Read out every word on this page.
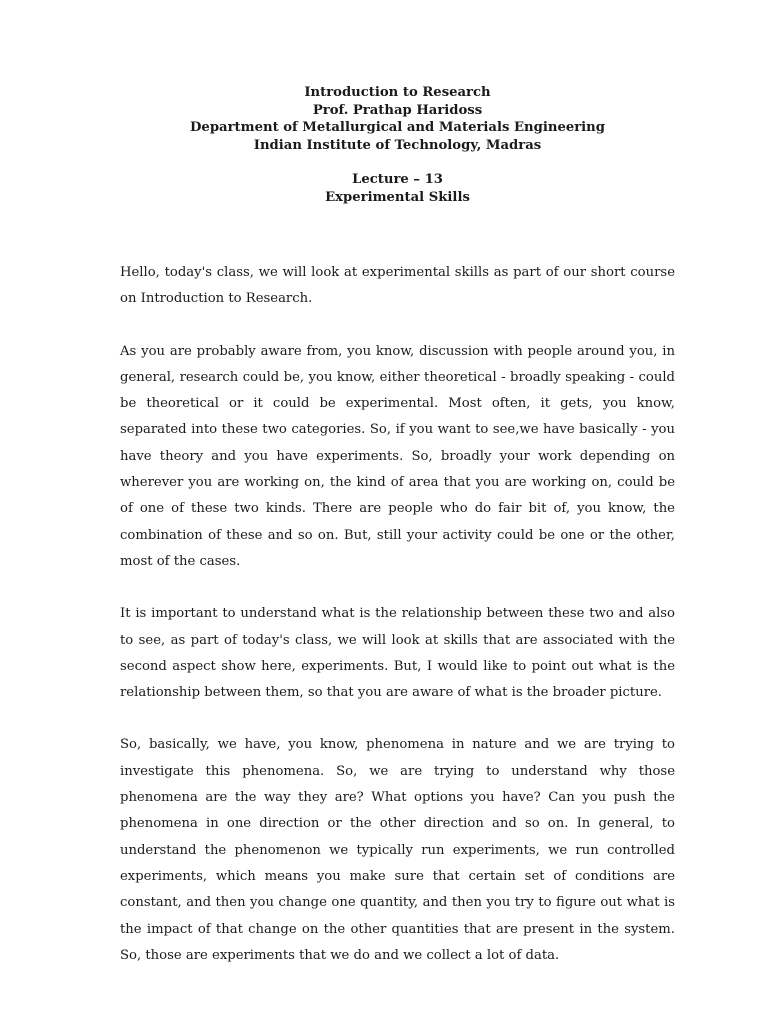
Introduction to Research

Prof. Prathap Haridoss

Department of Metallurgical and Materials Engineering

Indian Institute of Technology, Madras

Lecture – 13

Experimental Skills

Hello, today's class, we will look at experimental skills as part of our short course on Introduction to Research.

As you are probably aware from, you know, discussion with people around you, in general, research could be, you know, either theoretical - broadly speaking - could be theoretical or it could be experimental. Most often, it gets, you know, separated into these two categories. So, if you want to see,we have basically - you have theory and you have experiments. So, broadly your work depending on wherever you are working on, the kind of area that you are working on, could be of one of these two kinds. There are people who do fair bit of, you know, the combination of these and so on. But, still your activity could be one or the other, most of the cases.

It is important to understand what is the relationship between these two and also to see, as part of today's class, we will look at skills that are associated with the second aspect show here, experiments. But, I would like to point out what is the relationship between them, so that you are aware of what is the broader picture.

So, basically, we have, you know, phenomena in nature and we are trying to investigate this phenomena. So, we are trying to understand why those phenomena are the way they are? What options you have? Can you push the phenomena in one direction or the other direction and so on. In general, to understand the phenomenon we typically run experiments, we run controlled experiments, which means you make sure that certain set of conditions are constant, and then you change one quantity, and then you try to figure out what is the impact of that change on the other quantities that are present in the system. So, those are experiments that we do and we collect a lot of data.
